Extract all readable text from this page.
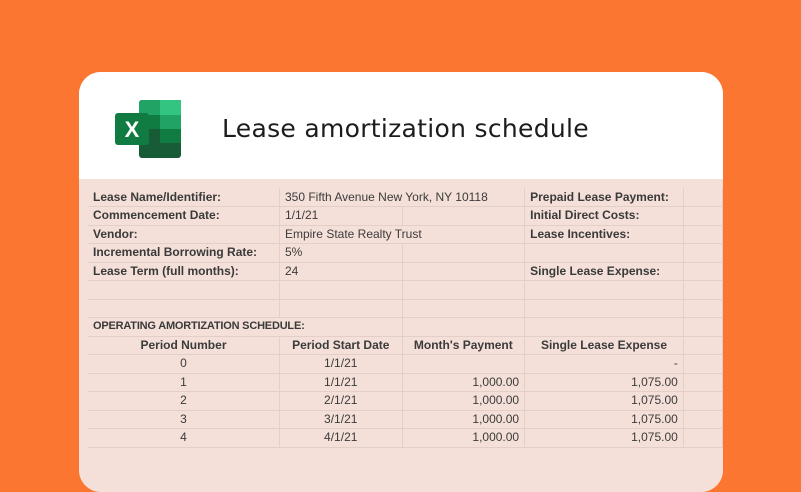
X	Lease amortization schedule
Lease Name/Identifier:	350 Fifth Avenue New York, NY 10118		Prepaid Lease Payment:	
Commencement Date:	1/1/21		Initial Direct Costs:	
Vendor:	Empire State Realty Trust		Lease Incentives:	
Incremental Borrowing Rate:	5%			
Lease Term (full months):	24		Single Lease Expense:	

OPERATING AMORTIZATION SCHEDULE:				
Period Number	Period Start Date	Month's Payment	Single Lease Expense	
0	1/1/21		-	
1	1/1/21	1,000.00	1,075.00	
2	2/1/21	1,000.00	1,075.00	
3	3/1/21	1,000.00	1,075.00	
4	4/1/21	1,000.00	1,075.00	
